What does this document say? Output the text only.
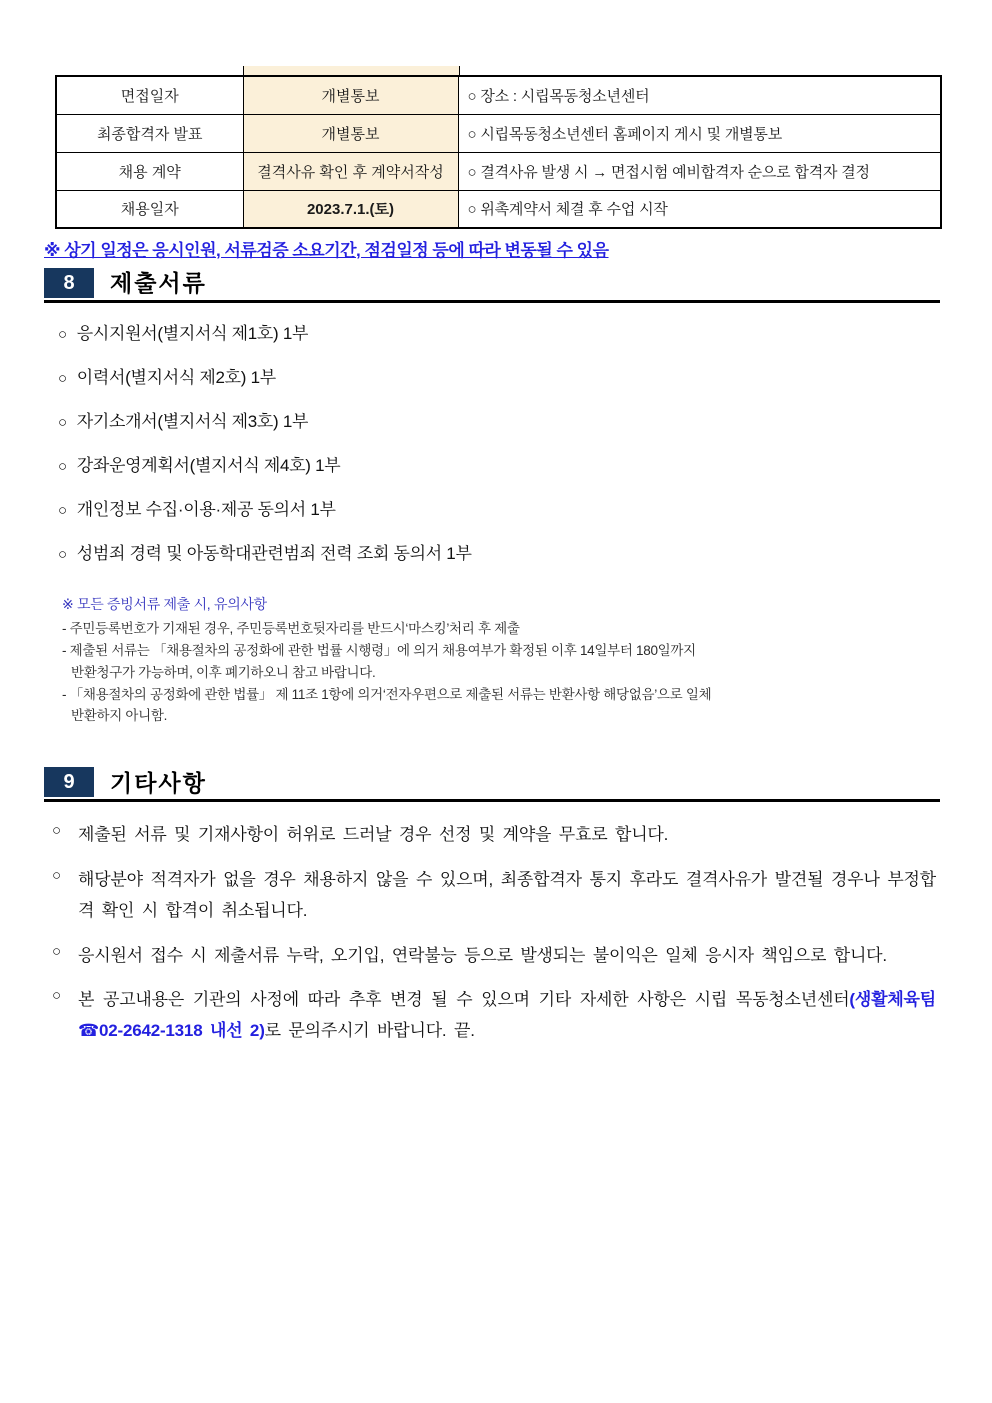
면접일자	개별통보	○ 장소 : 시립목동청소년센터
최종합격자 발표	개별통보	○ 시립목동청소년센터 홈페이지 게시 및 개별통보
채용 계약	결격사유 확인 후 계약서작성	○ 결격사유 발생 시 → 면접시험 예비합격자 순으로 합격자 결정
채용일자	2023.7.1.(토)	○ 위촉계약서 체결 후 수업 시작
※ 상기 일정은 응시인원, 서류검증 소요기간, 점검일정 등에 따라 변동될 수 있음
8	제출서류
○ 응시지원서(별지서식 제1호) 1부
○ 이력서(별지서식 제2호) 1부
○ 자기소개서(별지서식 제3호) 1부
○ 강좌운영계획서(별지서식 제4호) 1부
○ 개인정보 수집·이용·제공 동의서 1부
○ 성범죄 경력 및 아동학대관련범죄 전력 조회 동의서 1부
※ 모든 증빙서류 제출 시, 유의사항
- 주민등록번호가 기재된 경우, 주민등록번호뒷자리를 반드시‘마스킹’처리 후 제출
- 제출된 서류는 「채용절차의 공정화에 관한 법률 시행령」에 의거 채용여부가 확정된 이후 14일부터 180일까지
반환청구가 가능하며, 이후 폐기하오니 참고 바랍니다.
- 「채용절차의 공정화에 관한 법률」 제 11조 1항에 의거‘전자우편으로 제출된 서류는 반환사항 해당없음’으로 일체
반환하지 아니함.
9	기타사항
○ 제출된 서류 및 기재사항이 허위로 드러날 경우 선정 및 계약을 무효로 합니다.
○ 해당분야 적격자가 없을 경우 채용하지 않을 수 있으며, 최종합격자 통지 후라도 결격사유가 발견될 경우나 부정합격 확인 시 합격이 취소됩니다.
○ 응시원서 접수 시 제출서류 누락, 오기입, 연락불능 등으로 발생되는 불이익은 일체 응시자 책임으로 합니다.
○ 본 공고내용은 기관의 사정에 따라 추후 변경 될 수 있으며 기타 자세한 사항은 시립 목동청소년센터(생활체육팀 ☎02-2642-1318 내선 2)로 문의주시기 바랍니다. 끝.
